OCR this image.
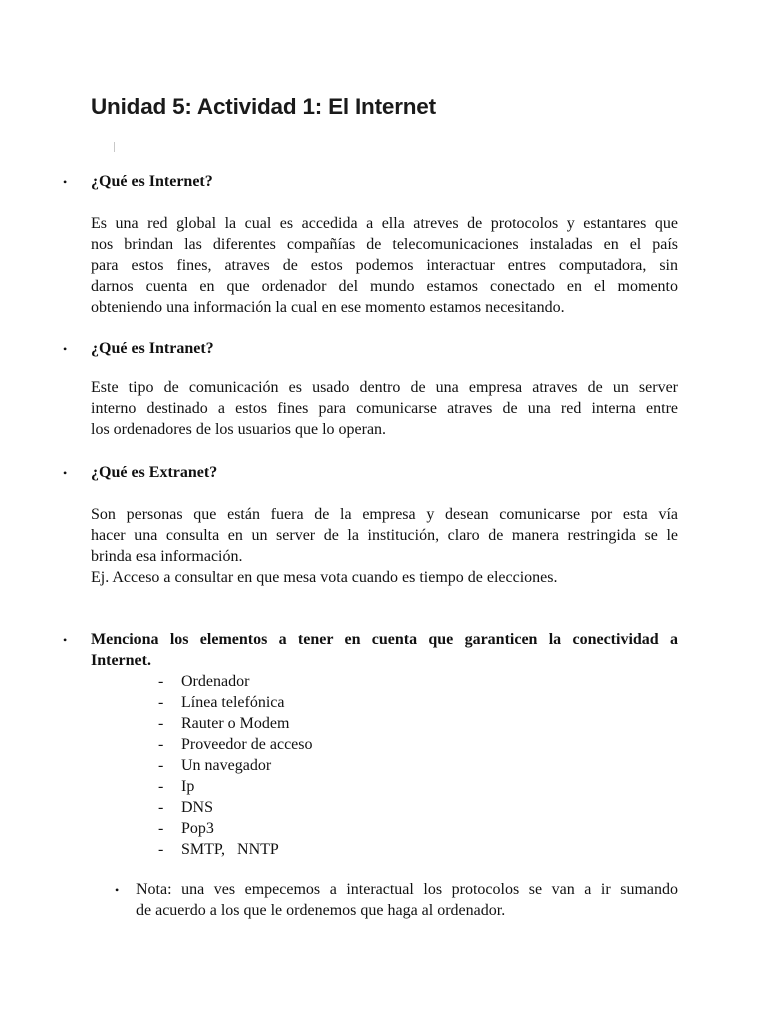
Unidad 5: Actividad 1: El Internet
• ¿Qué es Internet?

Es una red global la cual es accedida a ella atreves de protocolos y estantares que
nos brindan las diferentes compañías de telecomunicaciones instaladas en el país
para estos fines, atraves de estos podemos interactuar entres computadora, sin
darnos cuenta en que ordenador del mundo estamos conectado en el momento
obteniendo una información la cual en ese momento estamos necesitando.

• ¿Qué es Intranet?

Este tipo de comunicación es usado dentro de una empresa atraves de un server
interno destinado a estos fines para comunicarse atraves de una red interna entre
los ordenadores de los usuarios que lo operan.

• ¿Qué es Extranet?

Son personas que están fuera de la empresa y desean comunicarse por esta vía
hacer una consulta en un server de la institución, claro de manera restringida se le
brinda esa información.
Ej. Acceso a consultar en que mesa vota cuando es tiempo de elecciones.

• Menciona los elementos a tener en cuenta que garanticen la conectividad a
Internet.

- Ordenador
- Línea telefónica
- Rauter o Modem
- Proveedor de acceso
- Un navegador
- Ip
- DNS
- Pop3
- SMTP,   NNTP
• Nota: una ves empecemos a interactual los protocolos se van a ir sumando
de acuerdo a los que le ordenemos que haga al ordenador.
